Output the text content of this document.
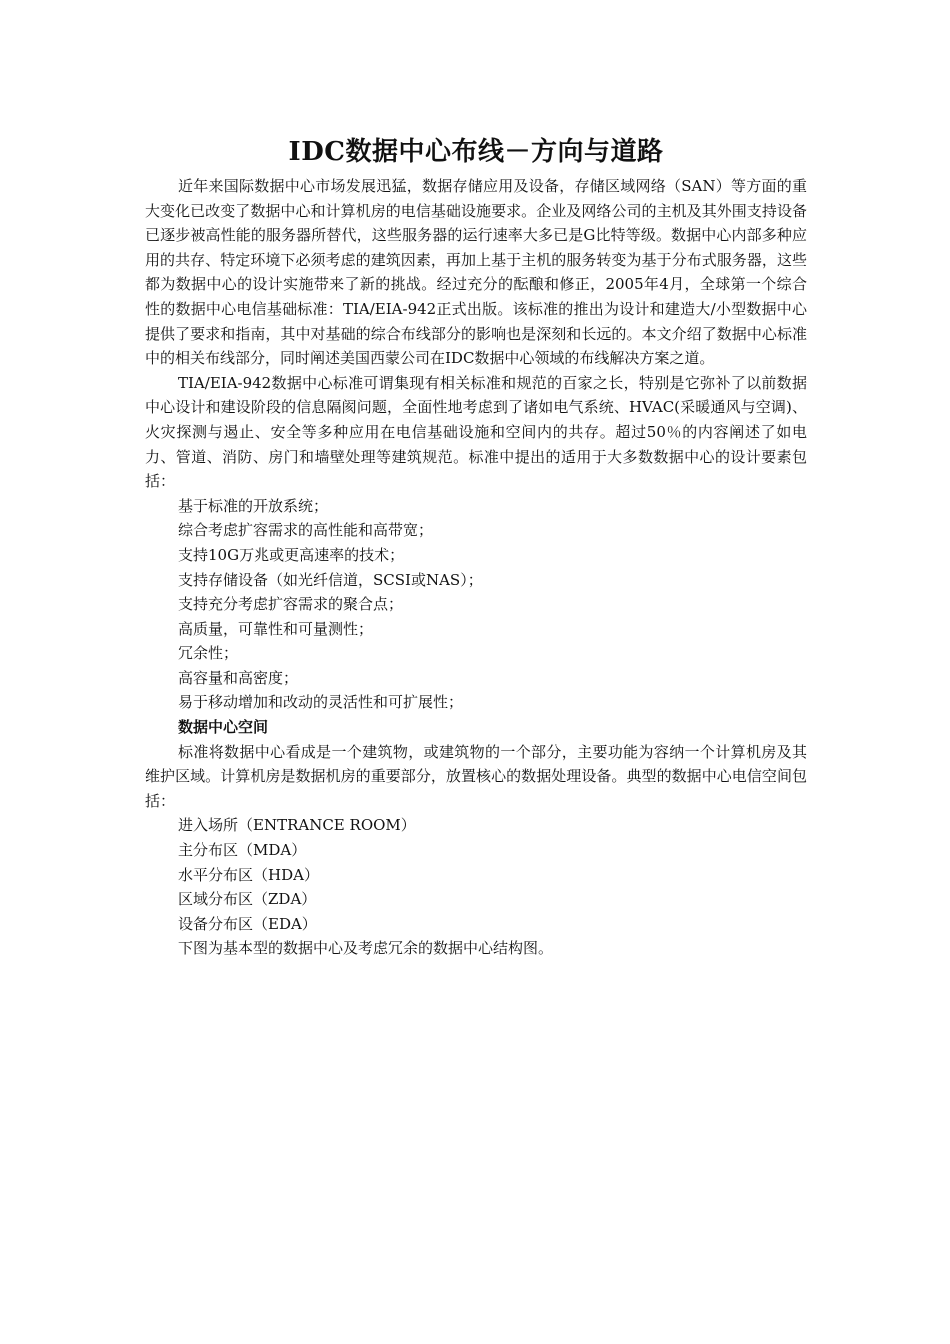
IDC数据中心布线－方向与道路

近年来国际数据中心市场发展迅猛，数据存储应用及设备，存储区域网络（SAN）等方面的重大变化已改变了数据中心和计算机房的电信基础设施要求。企业及网络公司的主机及其外围支持设备已逐步被高性能的服务器所替代，这些服务器的运行速率大多已是G比特等级。数据中心内部多种应用的共存、特定环境下必须考虑的建筑因素，再加上基于主机的服务转变为基于分布式服务器，这些都为数据中心的设计实施带来了新的挑战。经过充分的酝酿和修正，2005年4月，全球第一个综合性的数据中心电信基础标准：TIA/EIA-942正式出版。该标准的推出为设计和建造大/小型数据中心提供了要求和指南，其中对基础的综合布线部分的影响也是深刻和长远的。本文介绍了数据中心标准中的相关布线部分，同时阐述美国西蒙公司在IDC数据中心领域的布线解决方案之道。

TIA/EIA-942数据中心标准可谓集现有相关标准和规范的百家之长，特别是它弥补了以前数据中心设计和建设阶段的信息隔阂问题，全面性地考虑到了诸如电气系统、HVAC(采暖通风与空调)、火灾探测与遏止、安全等多种应用在电信基础设施和空间内的共存。超过50％的内容阐述了如电力、管道、消防、房门和墙壁处理等建筑规范。标准中提出的适用于大多数数据中心的设计要素包括：

基于标准的开放系统；
综合考虑扩容需求的高性能和高带宽；
支持10G万兆或更高速率的技术；
支持存储设备（如光纤信道，SCSI或NAS）；
支持充分考虑扩容需求的聚合点；
高质量，可靠性和可量测性；
冗余性；
高容量和高密度；
易于移动增加和改动的灵活性和可扩展性；
数据中心空间

标准将数据中心看成是一个建筑物，或建筑物的一个部分，主要功能为容纳一个计算机房及其维护区域。计算机房是数据机房的重要部分，放置核心的数据处理设备。典型的数据中心电信空间包括：

进入场所（ENTRANCE ROOM）
主分布区（MDA）
水平分布区（HDA）
区域分布区（ZDA）
设备分布区（EDA）

下图为基本型的数据中心及考虑冗余的数据中心结构图。
